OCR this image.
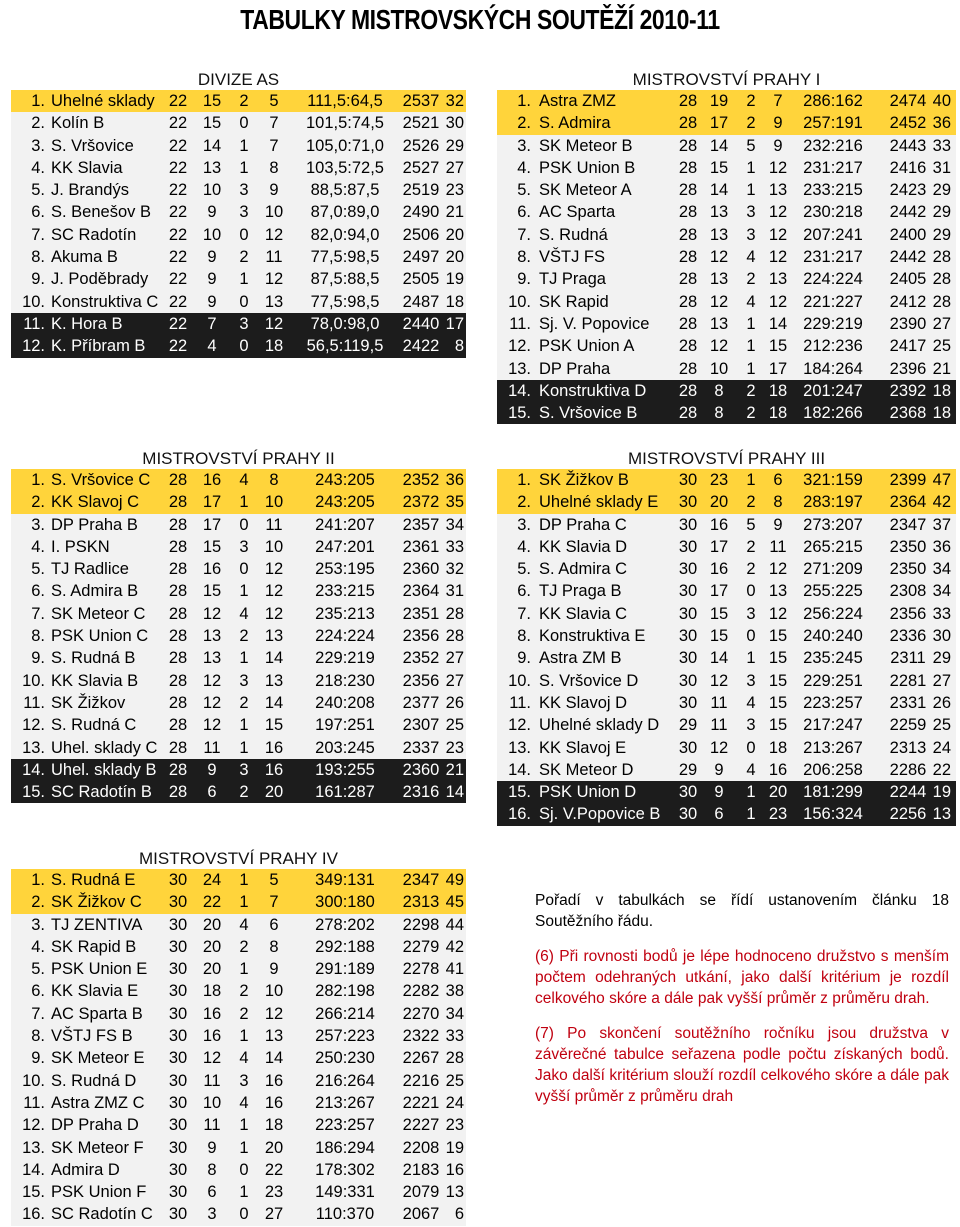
TABULKY MISTROVSKÝCH SOUTĚŽÍ 2010-11
DIVIZE AS
1. Uhelné sklady 22 15	2	5	111,5:64,5	2537 32
2. Kolín B	22 15	0	7	101,5:74,5	2521 30
3. S. Vršovice	22 14	1	7	105,0:71,0	2526 29
4. KK Slavia	22 13	1	8	103,5:72,5	2527 27
5. J. Brandýs	22 10	3	9	88,5:87,5	2519 23
6. S. Benešov B	22	9	3 10	87,0:89,0	2490 21
7. SC Radotín	22 10	0 12	82,0:94,0	2506 20
8. Akuma B	22	9	2	11	77,5:98,5	2497 20
9. J. Poděbrady	22	9	1 12	87,5:88,5	2505 19
10. Konstruktiva C 22	9	0 13	77,5:98,5	2487 18
11. K. Hora B	22	7	3 12	78,0:98,0	2440 17
12. K. Příbram B	22	4	0 18	56,5:119,5	2422 8
MISTROVSTVÍ PRAHY I
1. Astra ZMZ	28 19	2	7	286:162	2474 40
2. S. Admira	28 17	2	9	257:191	2452 36
3. SK Meteor B	28 14	5	9	232:216	2443 33
4. PSK Union B	28 15	1 12 231:217	2416 31
5. SK Meteor A	28 14	1 13 233:215	2423 29
6. AC Sparta	28 13	3 12 230:218	2442 29
7. S. Rudná	28 13	3 12 207:241	2400 29
8. VŠTJ FS	28 12	4 12 231:217	2442 28
9. TJ Praga	28 13	2 13 224:224	2405 28
10. SK Rapid	28 12	4 12 221:227	2412 28
11. Sj. V. Popovice	28 13	1 14 229:219	2390 27
12. PSK Union A	28 12	1 15 212:236	2417 25
13. DP Praha	28 10	1 17 184:264	2396 21
14. Konstruktiva D	28	8	2 18 201:247	2392 18
15. S. Vršovice B	28	8	2 18 182:266	2368 18
MISTROVSTVÍ PRAHY II
1. S. Vršovice C	28 16	4	8	243:205	2352 36
2. KK Slavoj C	28 17	1 10	243:205	2372 35
3. DP Praha B	28 17	0	11	241:207	2357 34
4. I. PSKN	28 15	3 10	247:201	2361 33
5. TJ Radlice	28 16	0 12	253:195	2360 32
6. S. Admira B	28 15	1 12	233:215	2364 31
7. SK Meteor C	28 12	4 12	235:213	2351 28
8. PSK Union C	28 13	2 13	224:224	2356 28
9. S. Rudná B	28 13	1 14	229:219	2352 27
10. KK Slavia B	28 12	3 13	218:230	2356 27
11. SK Žižkov	28 12	2 14	240:208	2377 26
12. S. Rudná C	28 12	1 15	197:251	2307 25
13. Uhel. sklady C 28 11	1 16	203:245	2337 23
14. Uhel. sklady B 28	9	3 16	193:255	2360 21
15. SC Radotín B	28	6	2 20	161:287	2316 14
MISTROVSTVÍ PRAHY III
1. SK Žižkov B	30 23	1	6	321:159	2399 47
2. Uhelné sklady E	30 20	2	8	283:197	2364 42
3. DP Praha C	30 16	5	9	273:207	2347 37
4. KK Slavia D	30 17	2 11	265:215	2350 36
5. S. Admira C	30 16	2 12 271:209	2350 34
6. TJ Praga B	30 17	0 13 255:225	2308 34
7. KK Slavia C	30 15	3 12 256:224	2356 33
8. Konstruktiva E	30 15	0 15 240:240	2336 30
9. Astra ZM B	30 14	1 15 235:245	2311 29
10. S. Vršovice D	30 12	3 15 229:251	2281 27
11. KK Slavoj D	30 11	4 15 223:257	2331 26
12. Uhelné sklady D	29 11	3 15 217:247	2259 25
13. KK Slavoj E	30 12	0 18 213:267	2313 24
14. SK Meteor D	29	9	4 16 206:258	2286 22
15. PSK Union D	30	9	1 20 181:299	2244 19
16. Sj. V.Popovice B	30	6	1 23 156:324	2256 13
MISTROVSTVÍ PRAHY IV
1. S. Rudná E	30 24	1	5	349:131	2347 49
2. SK Žižkov C	30 22	1	7	300:180	2313 45
3. TJ ZENTIVA	30 20	4	6	278:202	2298 44
4. SK Rapid B	30 20	2	8	292:188	2279 42
5. PSK Union E	30 20	1	9	291:189	2278 41
6. KK Slavia E	30 18	2 10	282:198	2282 38
7. AC Sparta B	30 16	2 12	266:214	2270 34
8. VŠTJ FS B	30 16	1 13	257:223	2322 33
9. SK Meteor E	30 12	4 14	250:230	2267 28
10. S. Rudná D	30 11	3 16	216:264	2216 25
11. Astra ZMZ C	30 10	4 16	213:267	2221 24
12. DP Praha D	30 11	1 18	223:257	2227 23
13. SK Meteor F	30	9	1 20	186:294	2208 19
14. Admira D	30	8	0 22	178:302	2183 16
15. PSK Union F	30	6	1 23	149:331	2079 13
16. SC Radotín C 30	3	0 27	110:370	2067 6

Pořadí v tabulkách se řídí ustanovením článku 18 Soutěžního řádu.

(6) Při rovnosti bodů je lépe hodnoceno družstvo s menším počtem odehraných utkání, jako další kritérium je rozdíl celkového skóre a dále pak vyšší průměr z průměru drah.

(7) Po skončení soutěžního ročníku jsou družstva v závěrečné tabulce seřazena podle počtu získaných bodů. Jako další kritérium slouží rozdíl celkového skóre a dále pak vyšší průměr z průměru drah
